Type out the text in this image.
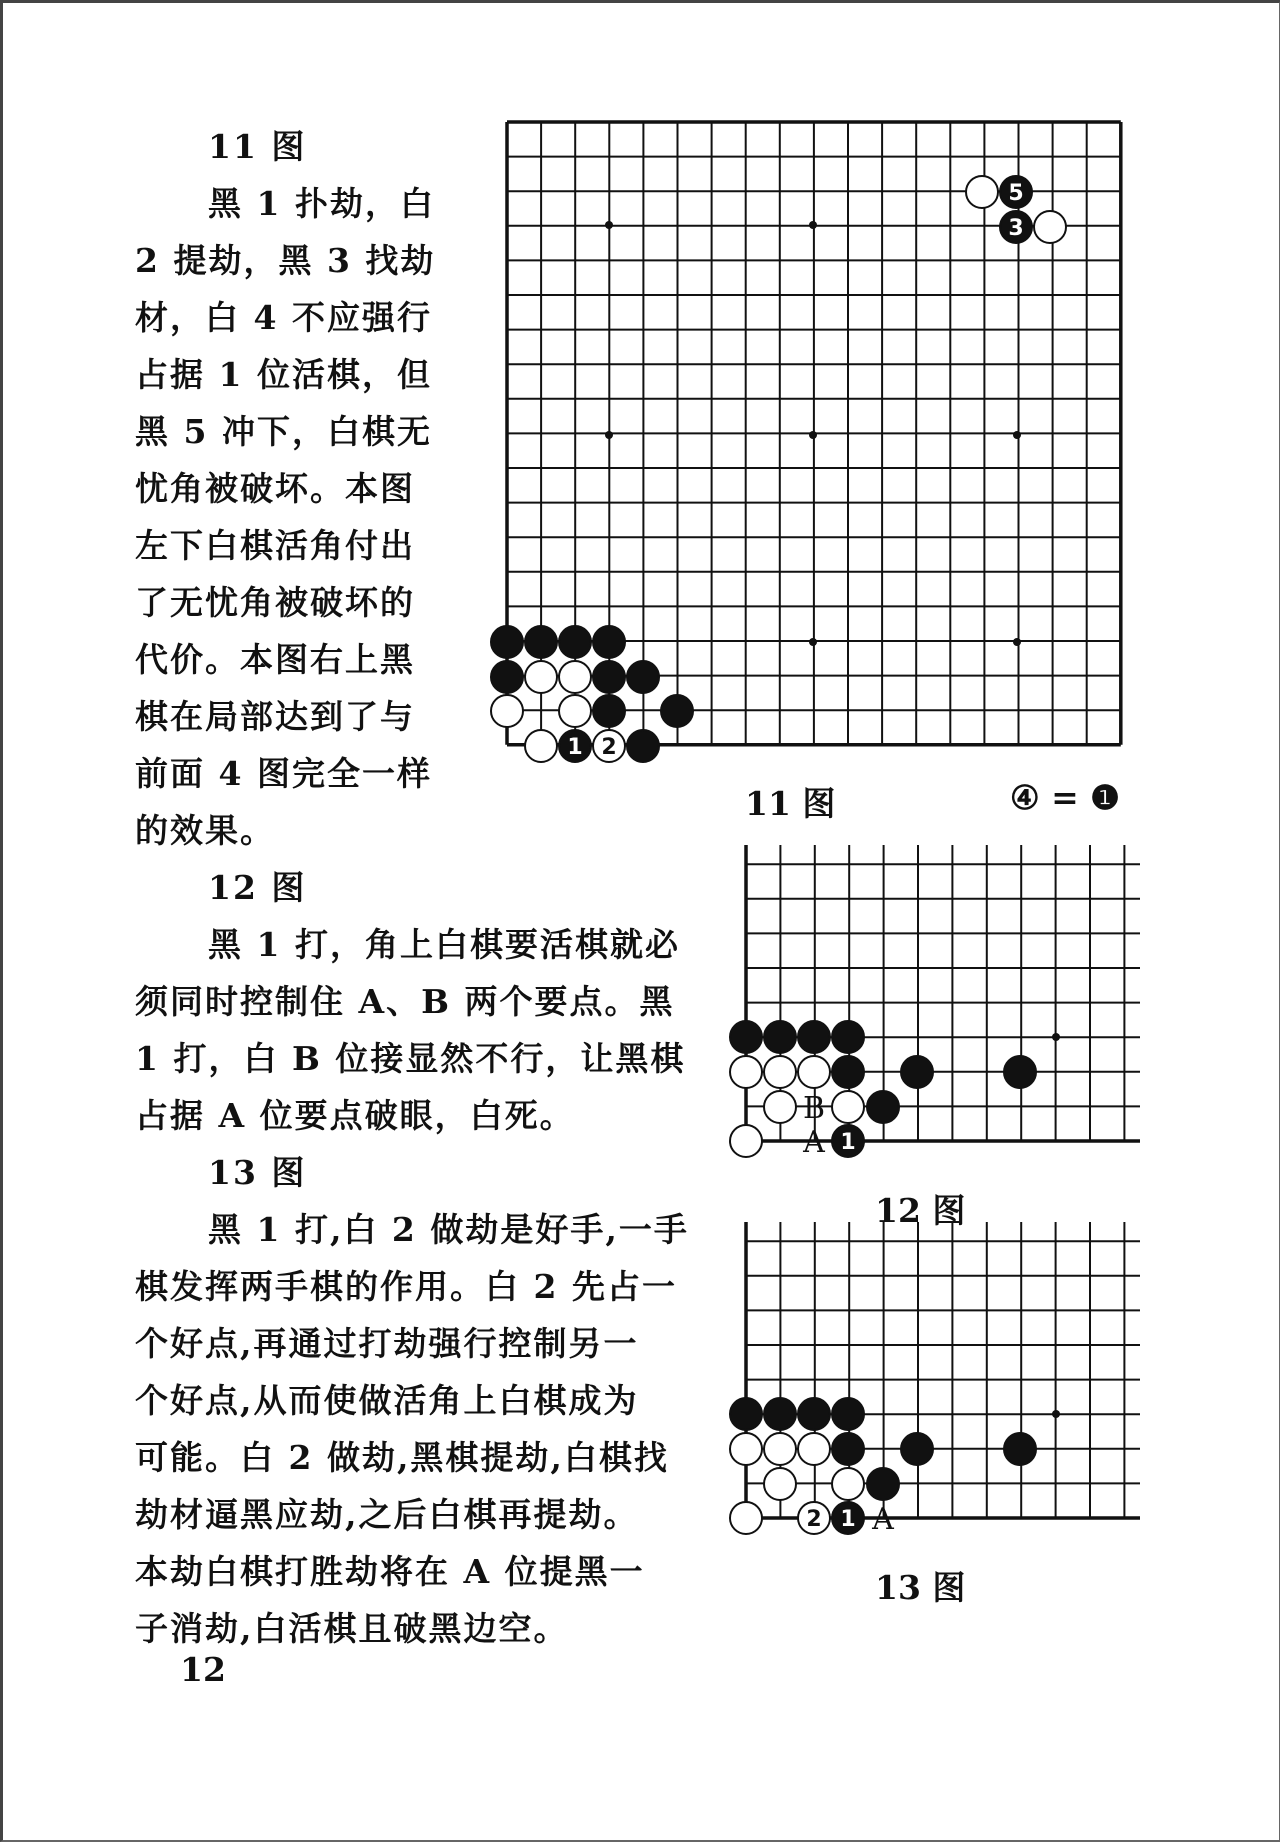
11 图
黑 1 扑劫，白
2 提劫，黑 3 找劫
材，白 4 不应强行
占据 1 位活棋，但
黑 5 冲下，白棋无
忧角被破坏。本图
左下白棋活角付出
了无忧角被破坏的
代价。本图右上黑
棋在局部达到了与
前面 4 图完全一样
的效果。
12 图
黑 1 打，角上白棋要活棋就必
须同时控制住 A、B 两个要点。黑
1 打，白 B 位接显然不行，让黑棋
占据 A 位要点破眼，白死。
13 图
黑 1 打,白 2 做劫是好手,一手
棋发挥两手棋的作用。白 2 先占一
个好点,再通过打劫强行控制另一
个好点,从而使做活角上白棋成为
可能。白 2 做劫,黑棋提劫,白棋找
劫材逼黑应劫,之后白棋再提劫。
本劫白棋打胜劫将在 A 位提黑一
子消劫,白活棋且破黑边空。
12
5
3
1 2
11 图	④ = ❶
B
A 1
12 图
2 1 A
13 图
